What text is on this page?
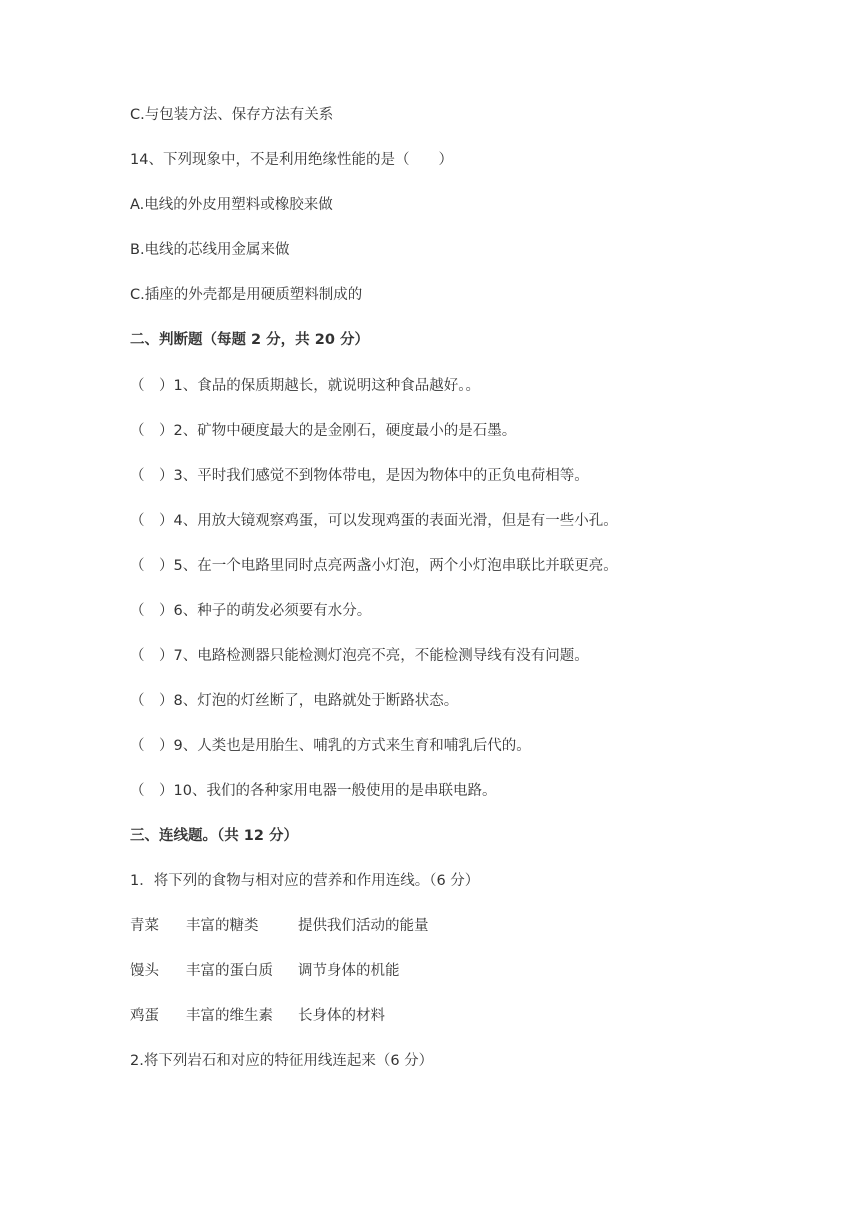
C.与包装方法、保存方法有关系
14、下列现象中，不是利用绝缘性能的是（　　）
A.电线的外皮用塑料或橡胶来做
B.电线的芯线用金属来做
C.插座的外壳都是用硬质塑料制成的
二、判断题（每题 2 分，共 20 分）
（　）1、食品的保质期越长，就说明这种食品越好。。
（　）2、矿物中硬度最大的是金刚石，硬度最小的是石墨。
（　）3、平时我们感觉不到物体带电，是因为物体中的正负电荷相等。
（　）4、用放大镜观察鸡蛋，可以发现鸡蛋的表面光滑，但是有一些小孔。
（　）5、在一个电路里同时点亮两盏小灯泡，两个小灯泡串联比并联更亮。
（　）6、种子的萌发必须要有水分。
（　）7、电路检测器只能检测灯泡亮不亮，不能检测导线有没有问题。
（　）8、灯泡的灯丝断了，电路就处于断路状态。
（　）9、人类也是用胎生、哺乳的方式来生育和哺乳后代的。
（　）10、我们的各种家用电器一般使用的是串联电路。
三、连线题。（共 12 分）
1．将下列的食物与相对应的营养和作用连线。（6 分）
青菜 丰富的糖类	提供我们活动的能量
馒头 丰富的蛋白质 调节身体的机能
鸡蛋 丰富的维生素 长身体的材料
2.将下列岩石和对应的特征用线连起来（6 分）
